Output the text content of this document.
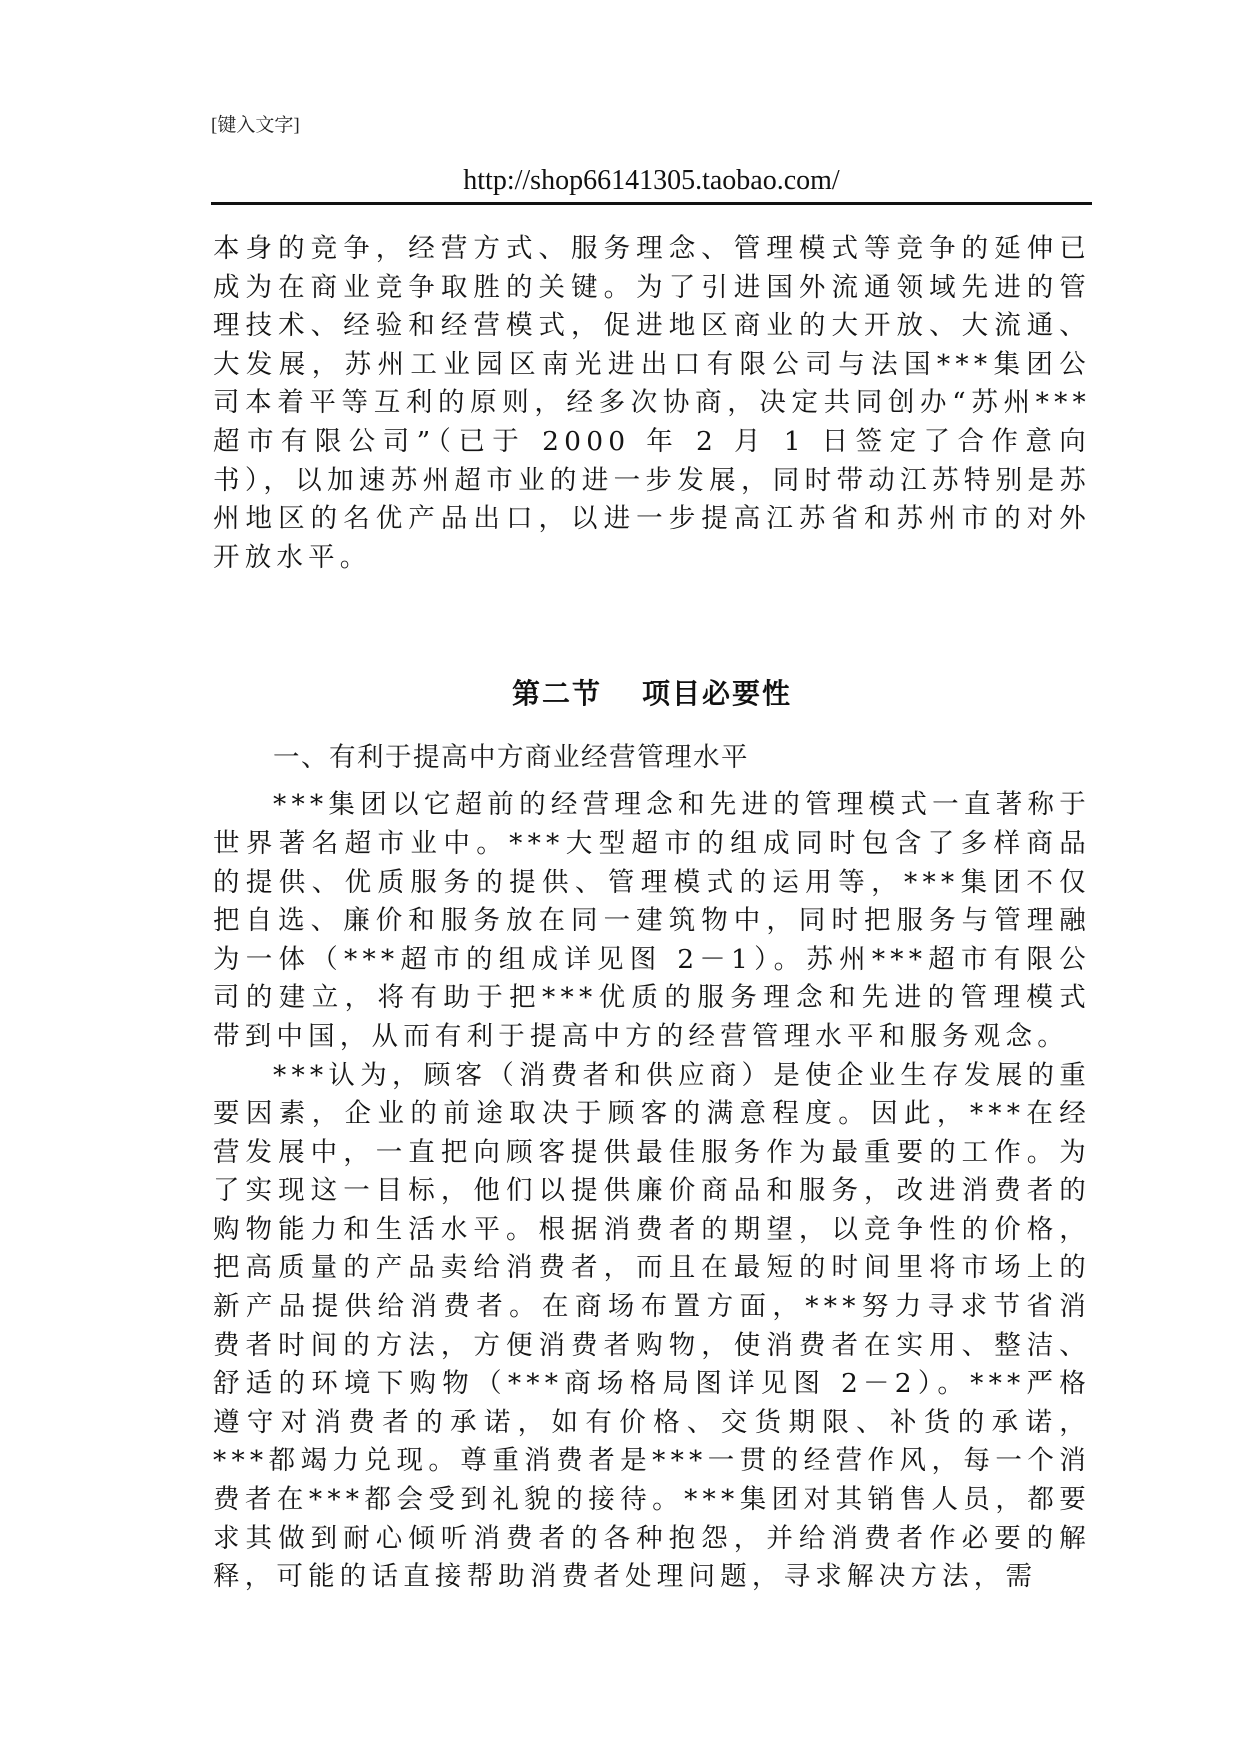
[键入文字]
http://shop66141305.taobao.com/

本身的竞争，经营方式、服务理念、管理模式等竞争的延伸已成为在商业竞争取胜的关键。为了引进国外流通领域先进的管理技术、经验和经营模式，促进地区商业的大开放、大流通、大发展，苏州工业园区南光进出口有限公司与法国***集团公司本着平等互利的原则，经多次协商，决定共同创办“苏州***超市有限公司”（已于 2000 年 2 月 1 日签定了合作意向书），以加速苏州超市业的进一步发展，同时带动江苏特别是苏州地区的名优产品出口，以进一步提高江苏省和苏州市的对外开放水平。

第二节 项目必要性

一、有利于提高中方商业经营管理水平

***集团以它超前的经营理念和先进的管理模式一直著称于世界著名超市业中。***大型超市的组成同时包含了多样商品的提供、优质服务的提供、管理模式的运用等，***集团不仅把自选、廉价和服务放在同一建筑物中，同时把服务与管理融为一体（***超市的组成详见图 2－1）。苏州***超市有限公司的建立，将有助于把***优质的服务理念和先进的管理模式带到中国，从而有利于提高中方的经营管理水平和服务观念。

***认为，顾客（消费者和供应商）是使企业生存发展的重要因素，企业的前途取决于顾客的满意程度。因此，***在经营发展中，一直把向顾客提供最佳服务作为最重要的工作。为了实现这一目标，他们以提供廉价商品和服务，改进消费者的购物能力和生活水平。根据消费者的期望，以竞争性的价格，把高质量的产品卖给消费者，而且在最短的时间里将市场上的新产品提供给消费者。在商场布置方面，***努力寻求节省消费者时间的方法，方便消费者购物，使消费者在实用、整洁、舒适的环境下购物（***商场格局图详见图 2－2）。***严格遵守对消费者的承诺，如有价格、交货期限、补货的承诺，***都竭力兑现。尊重消费者是***一贯的经营作风，每一个消费者在***都会受到礼貌的接待。***集团对其销售人员，都要求其做到耐心倾听消费者的各种抱怨，并给消费者作必要的解释，可能的话直接帮助消费者处理问题，寻求解决方法，需
